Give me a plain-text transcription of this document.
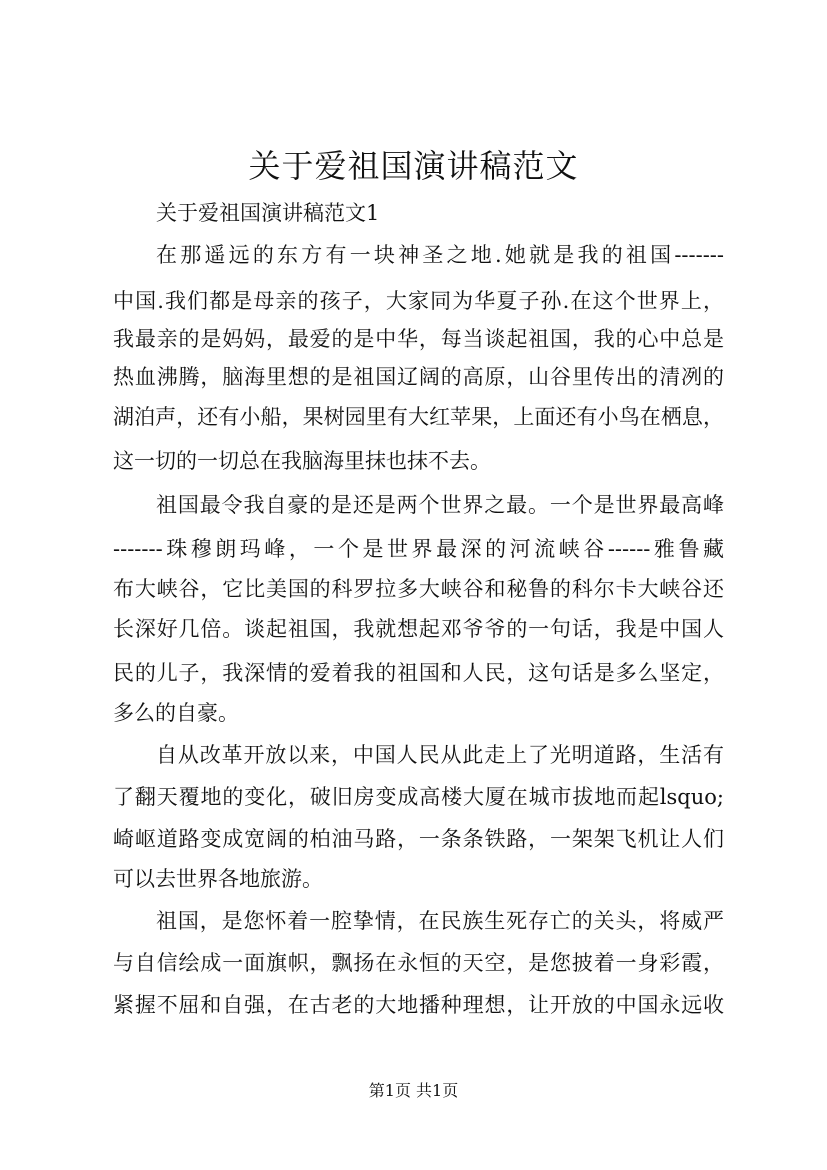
关于爱祖国演讲稿范文

关于爱祖国演讲稿范文1

在那遥远的东方有一块神圣之地.她就是我的祖国-------

中国.我们都是母亲的孩子，大家同为华夏子孙.在这个世界上，

我最亲的是妈妈，最爱的是中华，每当谈起祖国，我的心中总是

热血沸腾，脑海里想的是祖国辽阔的高原，山谷里传出的清冽的

湖泊声，还有小船，果树园里有大红苹果，上面还有小鸟在栖息，

这一切的一切总在我脑海里抹也抹不去。

祖国最令我自豪的是还是两个世界之最。一个是世界最高峰

-------珠穆朗玛峰，一个是世界最深的河流峡谷------雅鲁藏

布大峡谷，它比美国的科罗拉多大峡谷和秘鲁的科尔卡大峡谷还

长深好几倍。谈起祖国，我就想起邓爷爷的一句话，我是中国人

民的儿子，我深情的爱着我的祖国和人民，这句话是多么坚定，

多么的自豪。

自从改革开放以来，中国人民从此走上了光明道路，生活有

了翻天覆地的变化，破旧房变成高楼大厦在城市拔地而起lsquo;

崎岖道路变成宽阔的柏油马路，一条条铁路，一架架飞机让人们

可以去世界各地旅游。

祖国，是您怀着一腔挚情，在民族生死存亡的关头，将威严

与自信绘成一面旗帜，飘扬在永恒的天空，是您披着一身彩霞，

紧握不屈和自强，在古老的大地播种理想，让开放的中国永远收

第1页 共1页
